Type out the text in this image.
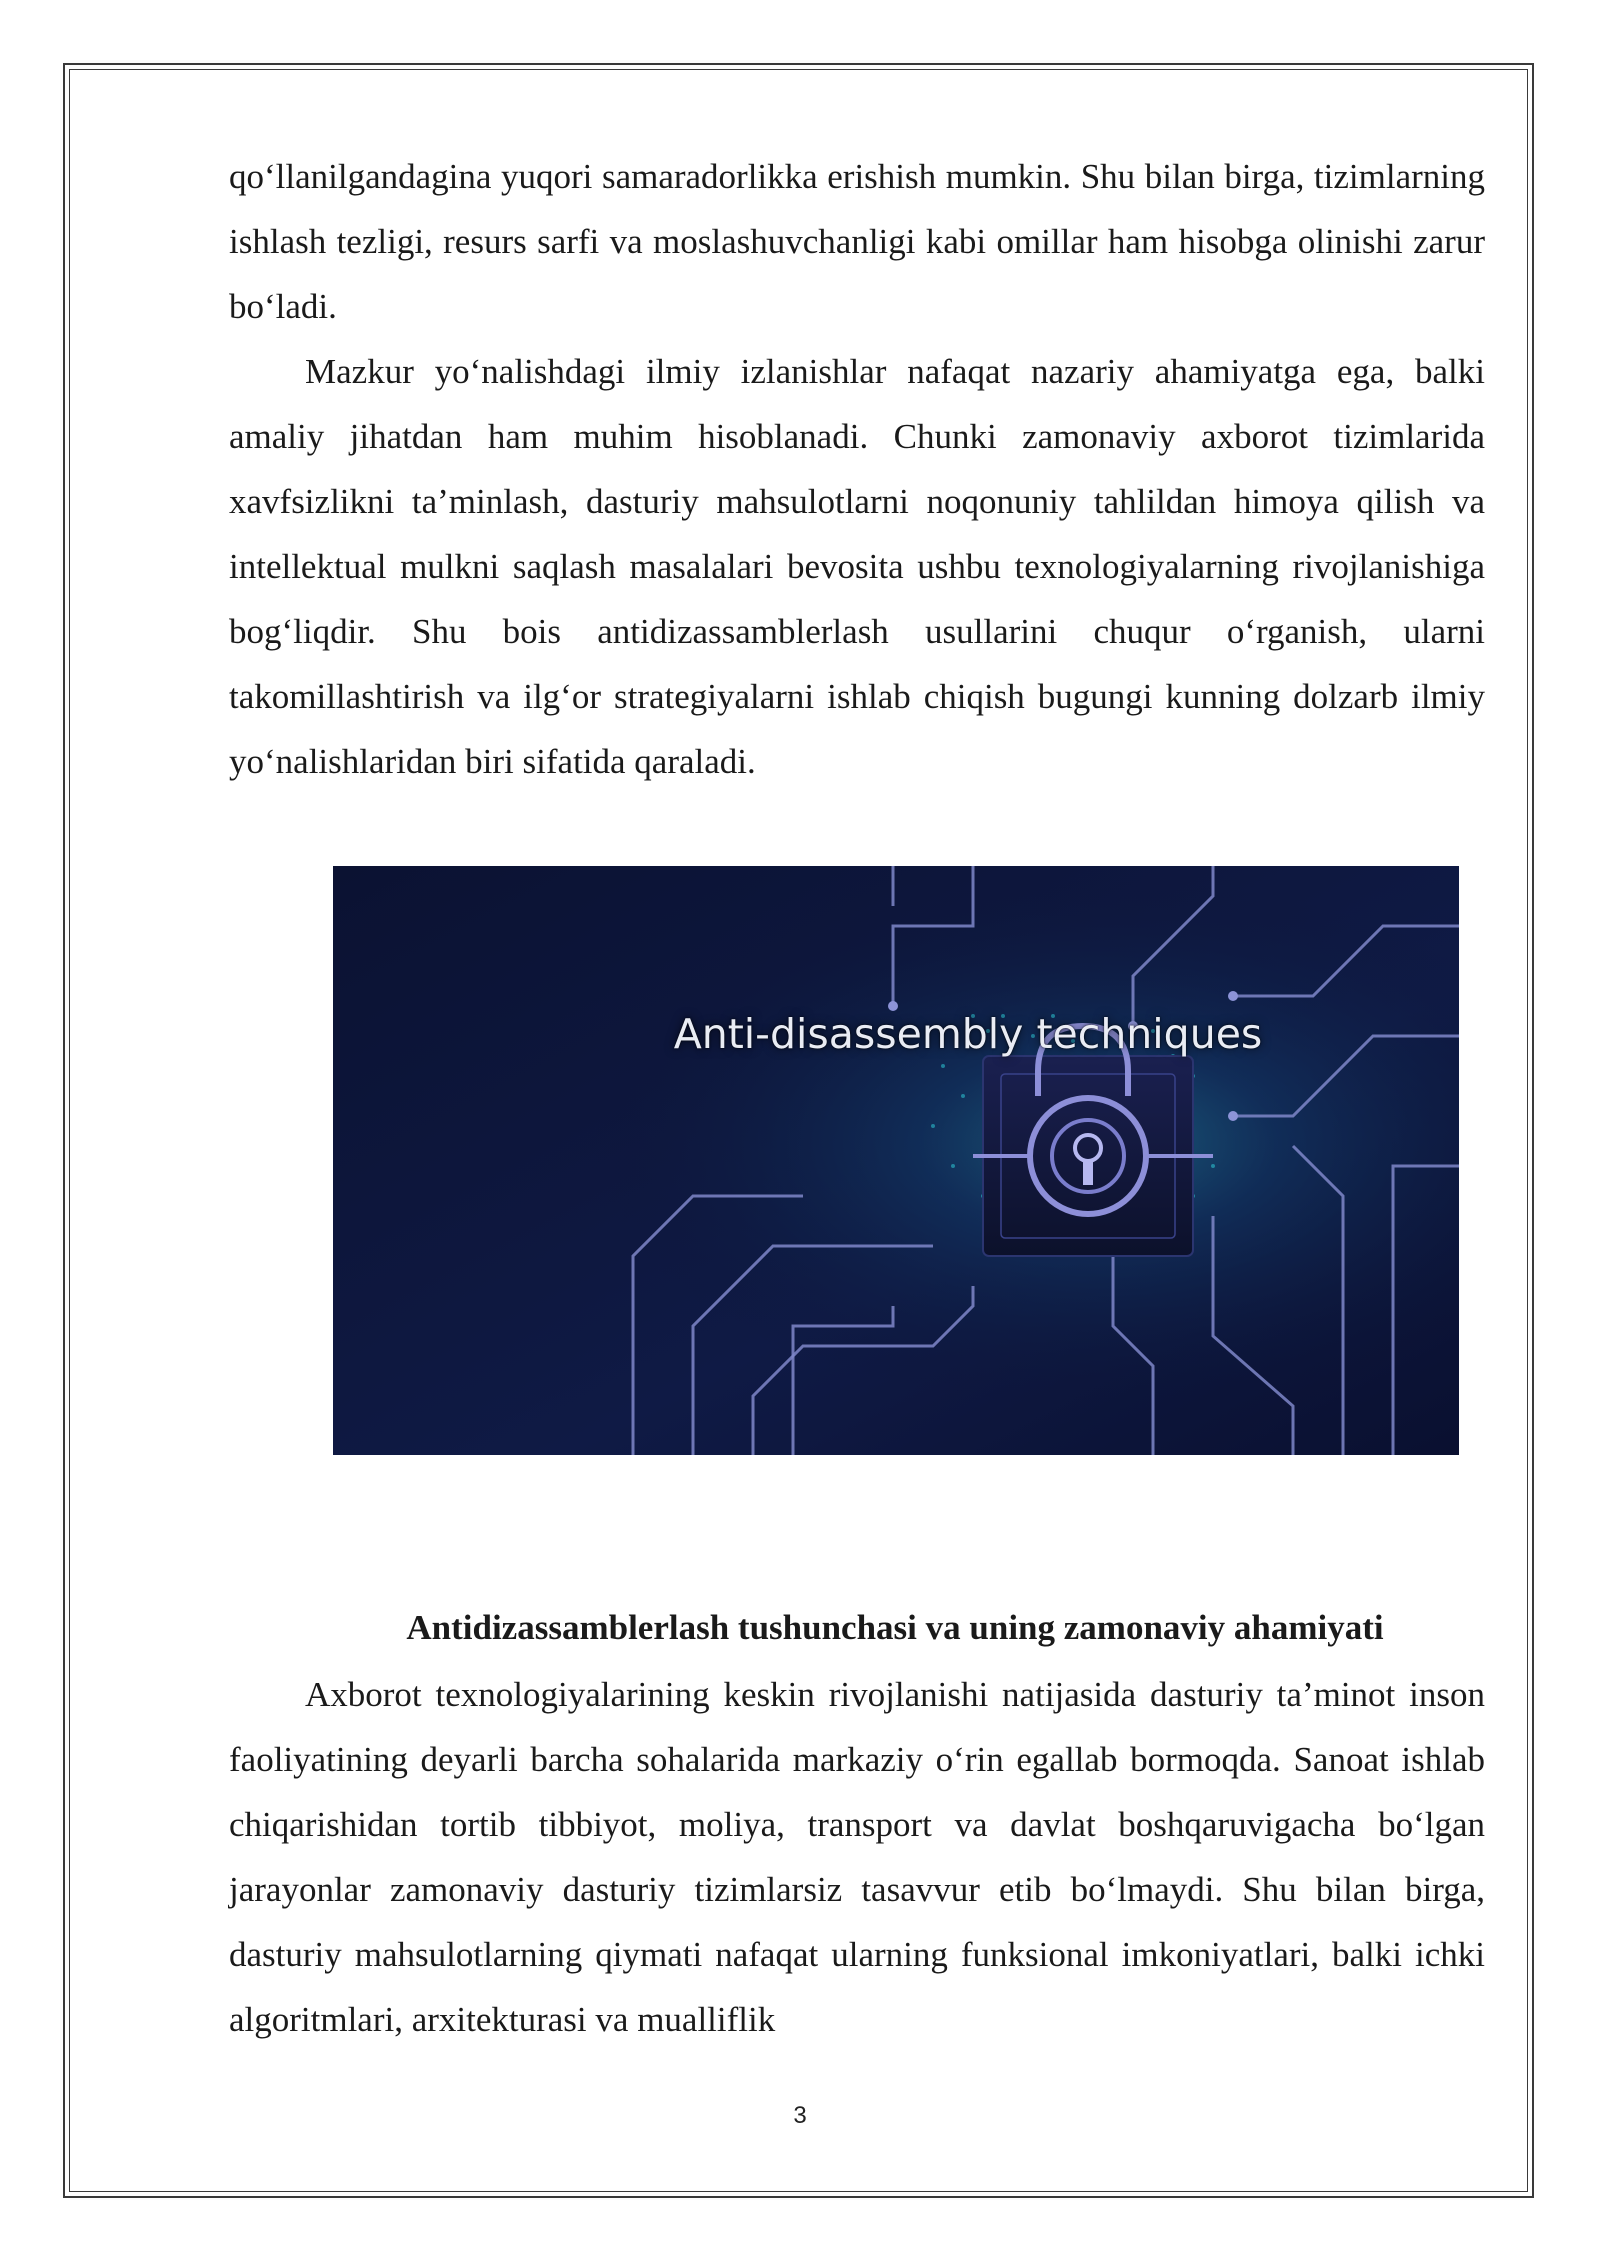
qo‘llanilgandagina yuqori samaradorlikka erishish mumkin. Shu bilan birga, tizimlarning ishlash tezligi, resurs sarfi va moslashuvchanligi kabi omillar ham hisobga olinishi zarur bo‘ladi.

Mazkur yo‘nalishdagi ilmiy izlanishlar nafaqat nazariy ahamiyatga ega, balki amaliy jihatdan ham muhim hisoblanadi. Chunki zamonaviy axborot tizimlarida xavfsizlikni ta’minlash, dasturiy mahsulotlarni noqonuniy tahlildan himoya qilish va intellektual mulkni saqlash masalalari bevosita ushbu texnologiyalarning rivojlanishiga bog‘liqdir. Shu bois antidizassamblerlash usullarini chuqur o‘rganish, ularni takomillashtirish va ilg‘or strategiyalarni ishlab chiqish bugungi kunning dolzarb ilmiy yo‘nalishlaridan biri sifatida qaraladi.

Anti-disassembly techniques
Antidizassamblerlash tushunchasi va uning zamonaviy ahamiyati

Axborot texnologiyalarining keskin rivojlanishi natijasida dasturiy ta’minot inson faoliyatining deyarli barcha sohalarida markaziy o‘rin egallab bormoqda. Sanoat ishlab chiqarishidan tortib tibbiyot, moliya, transport va davlat boshqaruvigacha bo‘lgan jarayonlar zamonaviy dasturiy tizimlarsiz tasavvur etib bo‘lmaydi. Shu bilan birga, dasturiy mahsulotlarning qiymati nafaqat ularning funksional imkoniyatlari, balki ichki algoritmlari, arxitekturasi va mualliflik

3
